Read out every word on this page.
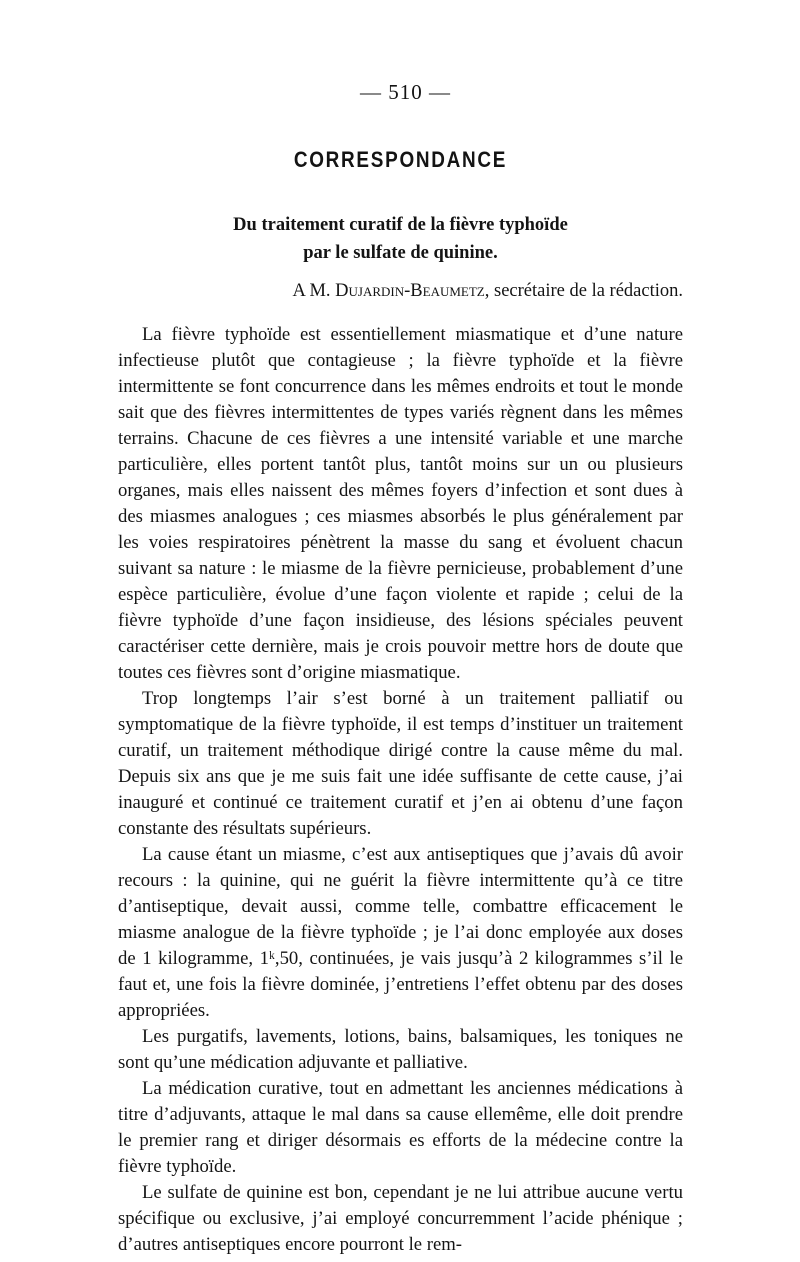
— 510 —
CORRESPONDANCE
Du traitement curatif de la fièvre typhoïde
par le sulfate de quinine.
A M. Dujardin-Beaumetz, secrétaire de la rédaction.

La fièvre typhoïde est essentiellement miasmatique et d’une nature infectieuse plutôt que contagieuse ; la fièvre typhoïde et la fièvre intermittente se font concurrence dans les mêmes endroits et tout le monde sait que des fièvres intermittentes de types variés règnent dans les mêmes terrains. Chacune de ces fièvres a une intensité variable et une marche particulière, elles portent tantôt plus, tantôt moins sur un ou plusieurs organes, mais elles naissent des mêmes foyers d’infection et sont dues à des miasmes analogues ; ces miasmes absorbés le plus généralement par les voies respiratoires pénètrent la masse du sang et évoluent chacun suivant sa nature : le miasme de la fièvre pernicieuse, probablement d’une espèce particulière, évolue d’une façon violente et rapide ; celui de la fièvre typhoïde d’une façon insidieuse, des lésions spéciales peuvent caractériser cette dernière, mais je crois pouvoir mettre hors de doute que toutes ces fièvres sont d’origine miasmatique.

Trop longtemps l’air s’est borné à un traitement palliatif ou symptomatique de la fièvre typhoïde, il est temps d’instituer un traitement curatif, un traitement méthodique dirigé contre la cause même du mal. Depuis six ans que je me suis fait une idée suffisante de cette cause, j’ai inauguré et continué ce traitement curatif et j’en ai obtenu d’une façon constante des résultats supérieurs.

La cause étant un miasme, c’est aux antiseptiques que j’avais dû avoir recours : la quinine, qui ne guérit la fièvre intermittente qu’à ce titre d’antiseptique, devait aussi, comme telle, combattre efficacement le miasme analogue de la fièvre typhoïde ; je l’ai donc employée aux doses de 1 kilogramme, 1ᵏ,50, continuées, je vais jusqu’à 2 kilogrammes s’il le faut et, une fois la fièvre dominée, j’entretiens l’effet obtenu par des doses appropriées.

Les purgatifs, lavements, lotions, bains, balsamiques, les toniques ne sont qu’une médication adjuvante et palliative.

La médication curative, tout en admettant les anciennes médications à titre d’adjuvants, attaque le mal dans sa cause ellemême, elle doit prendre le premier rang et diriger désormais es efforts de la médecine contre la fièvre typhoïde.

Le sulfate de quinine est bon, cependant je ne lui attribue aucune vertu spécifique ou exclusive, j’ai employé concurremment l’acide phénique ; d’autres antiseptiques encore pourront le rem-
